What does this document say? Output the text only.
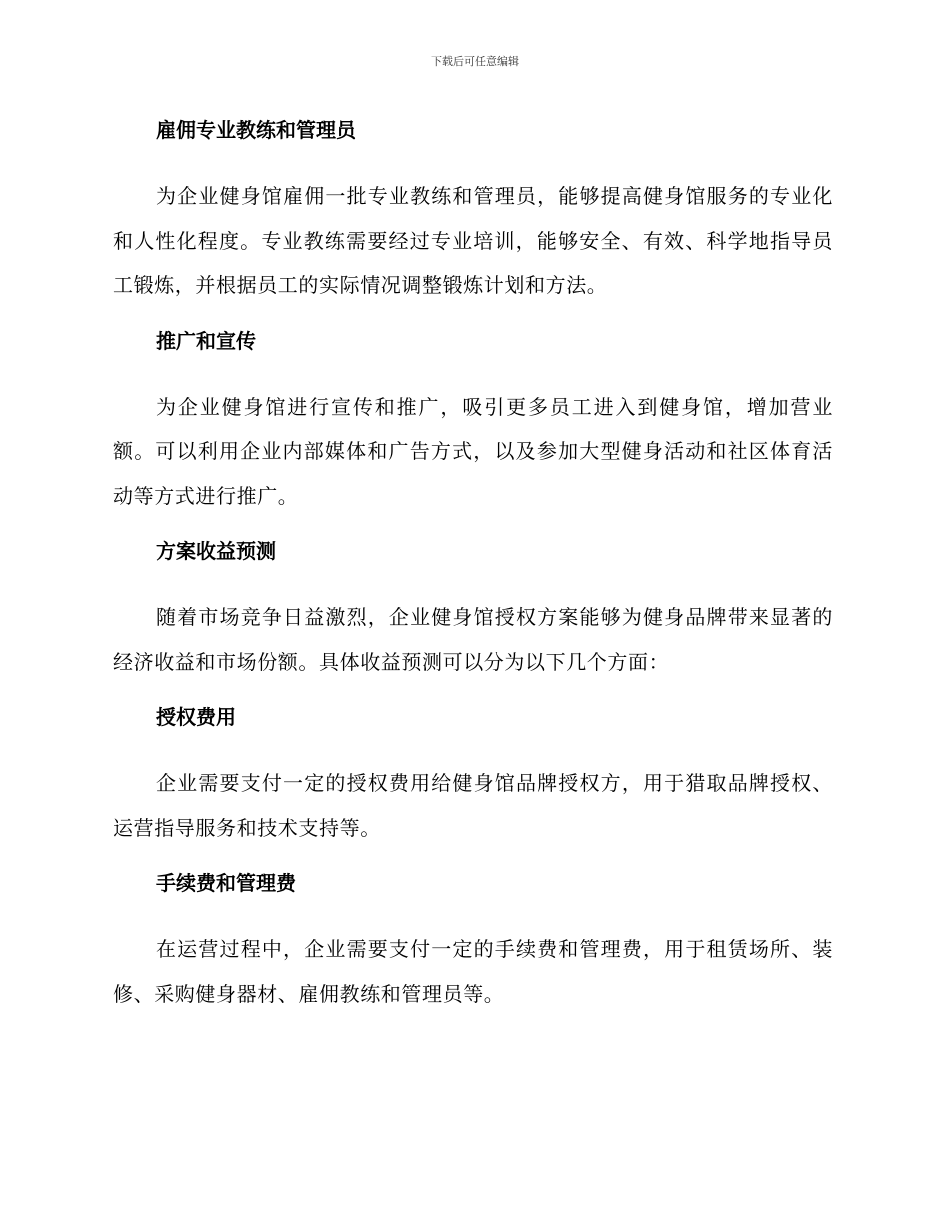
下载后可任意编辑
雇佣专业教练和管理员

为企业健身馆雇佣一批专业教练和管理员，能够提高健身馆服务的专业化和人性化程度。专业教练需要经过专业培训，能够安全、有效、科学地指导员工锻炼，并根据员工的实际情况调整锻炼计划和方法。

推广和宣传

为企业健身馆进行宣传和推广，吸引更多员工进入到健身馆，增加营业额。可以利用企业内部媒体和广告方式，以及参加大型健身活动和社区体育活动等方式进行推广。

方案收益预测

随着市场竞争日益激烈，企业健身馆授权方案能够为健身品牌带来显著的经济收益和市场份额。具体收益预测可以分为以下几个方面：

授权费用

企业需要支付一定的授权费用给健身馆品牌授权方，用于猎取品牌授权、运营指导服务和技术支持等。

手续费和管理费

在运营过程中，企业需要支付一定的手续费和管理费，用于租赁场所、装修、采购健身器材、雇佣教练和管理员等。
